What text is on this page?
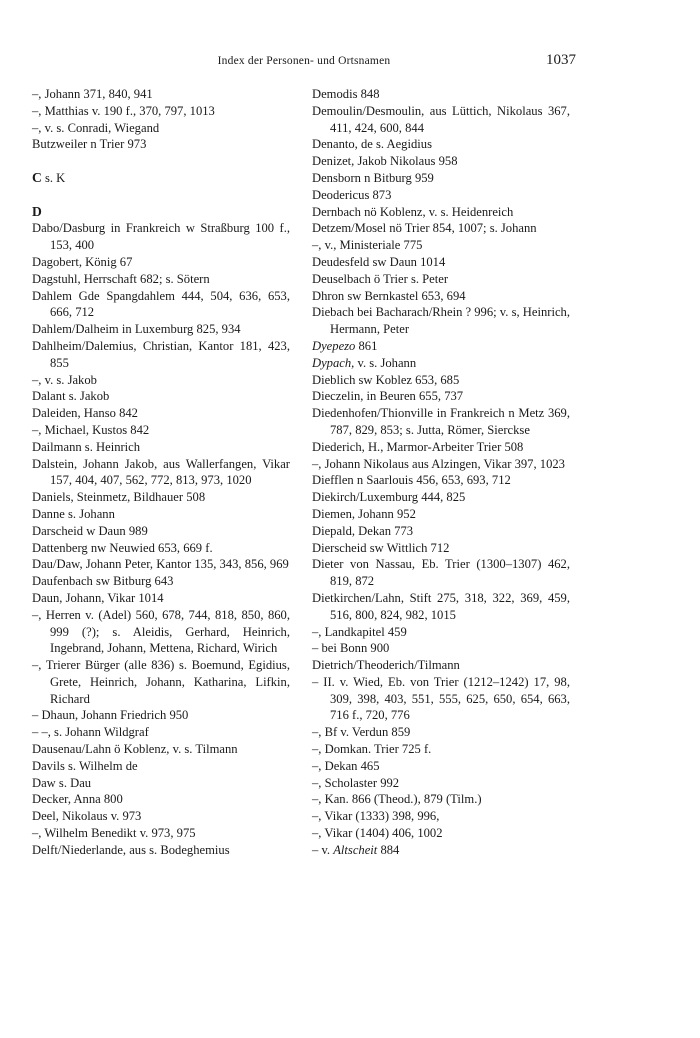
Index der Personen- und Ortsnamen	1037

–, Johann 371, 840, 941

–, Matthias v. 190 f., 370, 797, 1013

–, v. s. Conradi, Wiegand

Butzweiler n Trier 973

C s. K

D

Dabo/Dasburg in Frankreich w Straßburg 100 f., 153, 400

Dagobert, König 67

Dagstuhl, Herrschaft 682; s. Sötern

Dahlem Gde Spangdahlem 444, 504, 636, 653, 666, 712

Dahlem/Dalheim in Luxemburg 825, 934

Dahlheim/Dalemius, Christian, Kantor 181, 423, 855

–, v. s. Jakob

Dalant s. Jakob

Daleiden, Hanso 842

–, Michael, Kustos 842

Dailmann s. Heinrich

Dalstein, Johann Jakob, aus Wallerfangen, Vikar 157, 404, 407, 562, 772, 813, 973, 1020

Daniels, Steinmetz, Bildhauer 508

Danne s. Johann

Darscheid w Daun 989

Dattenberg nw Neuwied 653, 669 f.

Dau/Daw, Johann Peter, Kantor 135, 343, 856, 969

Daufenbach sw Bitburg 643

Daun, Johann, Vikar 1014

–, Herren v. (Adel) 560, 678, 744, 818, 850, 860, 999 (?); s. Aleidis, Gerhard, Heinrich, Ingebrand, Johann, Mettena, Richard, Wirich

–, Trierer Bürger (alle 836) s. Boemund, Egidius, Grete, Heinrich, Johann, Katharina, Lifkin, Richard

– Dhaun, Johann Friedrich 950

– –, s. Johann Wildgraf

Dausenau/Lahn ö Koblenz, v. s. Tilmann

Davils s. Wilhelm de

Daw s. Dau

Decker, Anna 800

Deel, Nikolaus v. 973

–, Wilhelm Benedikt v. 973, 975

Delft/Niederlande, aus s. Bodeghemius

Demodis 848

Demoulin/Desmoulin, aus Lüttich, Nikolaus 367, 411, 424, 600, 844

Denanto, de s. Aegidius

Denizet, Jakob Nikolaus 958

Densborn n Bitburg 959

Deodericus 873

Dernbach nö Koblenz, v. s. Heidenreich

Detzem/Mosel nö Trier 854, 1007; s. Johann

–, v., Ministeriale 775

Deudesfeld sw Daun 1014

Deuselbach ö Trier s. Peter

Dhron sw Bernkastel 653, 694

Diebach bei Bacharach/Rhein ? 996; v. s, Heinrich, Hermann, Peter

Dyepezo 861

Dypach, v. s. Johann

Dieblich sw Koblez 653, 685

Dieczelin, in Beuren 655, 737

Diedenhofen/Thionville in Frankreich n Metz 369, 787, 829, 853; s. Jutta, Römer, Siercksе

Diederich, H., Marmor-Arbeiter Trier 508

–, Johann Nikolaus aus Alzingen, Vikar 397, 1023

Diefflen n Saarlouis 456, 653, 693, 712

Diekirch/Luxemburg 444, 825

Diemen, Johann 952

Diepald, Dekan 773

Dierscheid sw Wittlich 712

Dieter von Nassau, Eb. Trier (1300–1307) 462, 819, 872

Dietkirchen/Lahn, Stift 275, 318, 322, 369, 459, 516, 800, 824, 982, 1015

–, Landkapitel 459

– bei Bonn 900

Dietrich/Theoderich/Tilmann

– II. v. Wied, Eb. von Trier (1212–1242) 17, 98, 309, 398, 403, 551, 555, 625, 650, 654, 663, 716 f., 720, 776

–, Bf v. Verdun 859

–, Domkan. Trier 725 f.

–, Dekan 465

–, Scholaster 992

–, Kan. 866 (Theod.), 879 (Tilm.)

–, Vikar (1333) 398, 996,

–, Vikar (1404) 406, 1002

– v. Altscheit 884
